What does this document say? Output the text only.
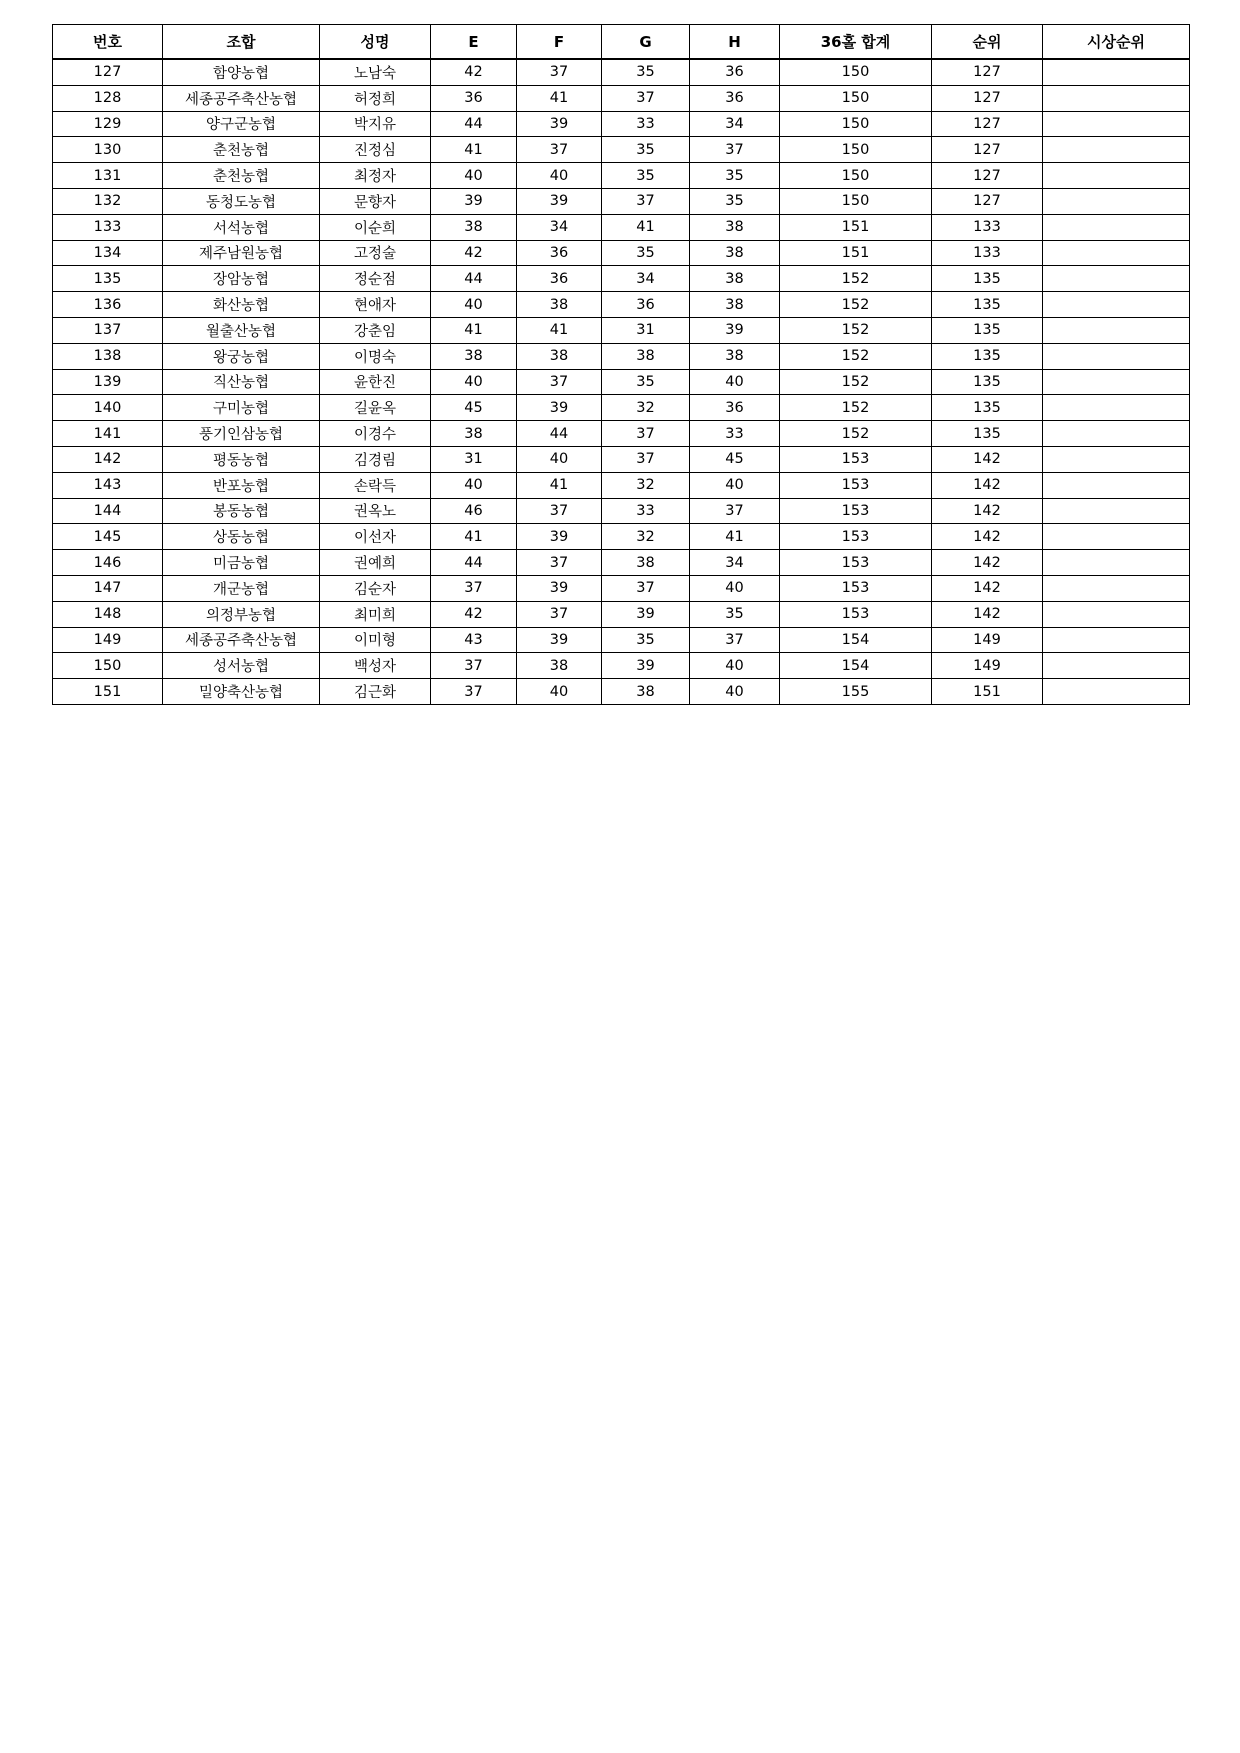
번호	조합	성명	E	F	G	H	36홀 합계	순위	시상순위
127	함양농협	노남숙	42	37	35	36	150	127	
128	세종공주축산농협	허정희	36	41	37	36	150	127	
129	양구군농협	박지유	44	39	33	34	150	127	
130	춘천농협	진정심	41	37	35	37	150	127	
131	춘천농협	최정자	40	40	35	35	150	127	
132	동청도농협	문향자	39	39	37	35	150	127	
133	서석농협	이순희	38	34	41	38	151	133	
134	제주남원농협	고정술	42	36	35	38	151	133	
135	장암농협	정순점	44	36	34	38	152	135	
136	화산농협	현애자	40	38	36	38	152	135	
137	월출산농협	강춘임	41	41	31	39	152	135	
138	왕궁농협	이명숙	38	38	38	38	152	135	
139	직산농협	윤한진	40	37	35	40	152	135	
140	구미농협	길윤옥	45	39	32	36	152	135	
141	풍기인삼농협	이경수	38	44	37	33	152	135	
142	평동농협	김경림	31	40	37	45	153	142	
143	반포농협	손락득	40	41	32	40	153	142	
144	봉동농협	권옥노	46	37	33	37	153	142	
145	상동농협	이선자	41	39	32	41	153	142	
146	미금농협	권예희	44	37	38	34	153	142	
147	개군농협	김순자	37	39	37	40	153	142	
148	의정부농협	최미희	42	37	39	35	153	142	
149	세종공주축산농협	이미형	43	39	35	37	154	149	
150	성서농협	백성자	37	38	39	40	154	149	
151	밀양축산농협	김근화	37	40	38	40	155	151	
